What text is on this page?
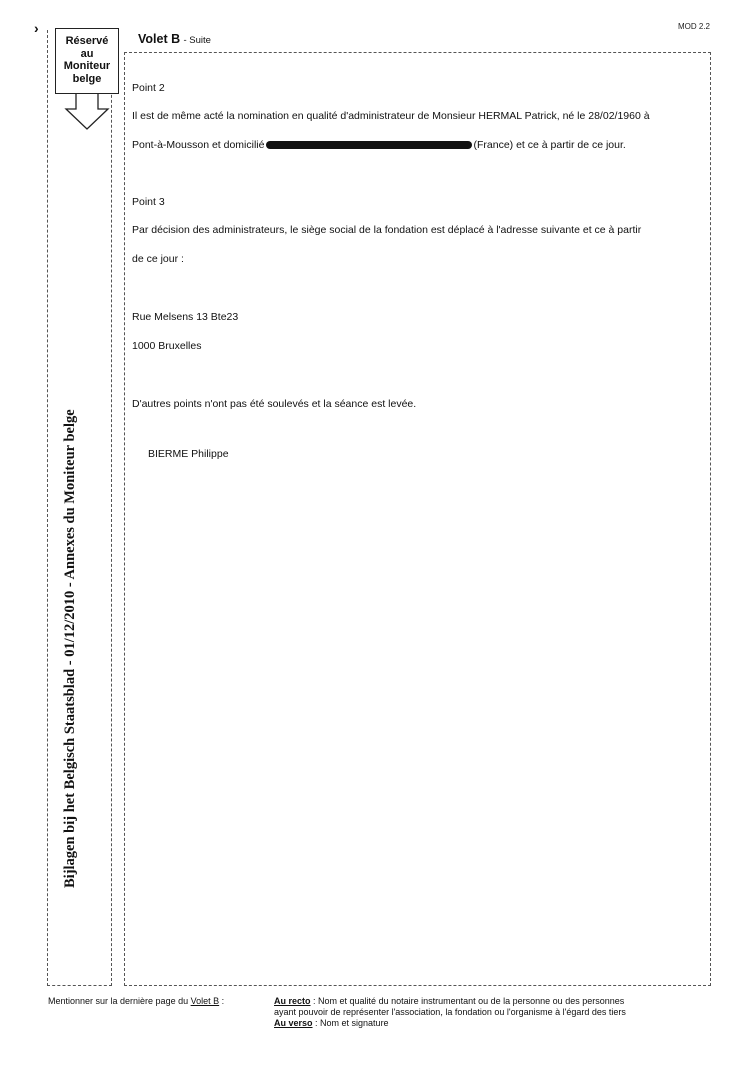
MOD 2.2
›
Réservé
au
Moniteur
belge
Bijlagen bij het Belgisch Staatsblad - 01/12/2010 - Annexes du Moniteur belge
Volet B - Suite
Point 2
Il est de même acté la nomination en qualité d'administrateur de Monsieur HERMAL Patrick, né le 28/02/1960 à
Pont-à-Mousson et domicilié	(France) et ce à partir de ce jour.
Point 3
Par décision des administrateurs, le siège social de la fondation est déplacé à l'adresse suivante et ce à partir
de ce jour :
Rue Melsens 13 Bte23
1000 Bruxelles
D'autres points n'ont pas été soulevés et la séance est levée.
BIERME Philippe
Mentionner sur la dernière page du Volet B :	Au recto : Nom et qualité du notaire instrumentant ou de la personne ou des personnes
ayant pouvoir de représenter l'association, la fondation ou l'organisme à l'égard des tiers
Au verso : Nom et signature
